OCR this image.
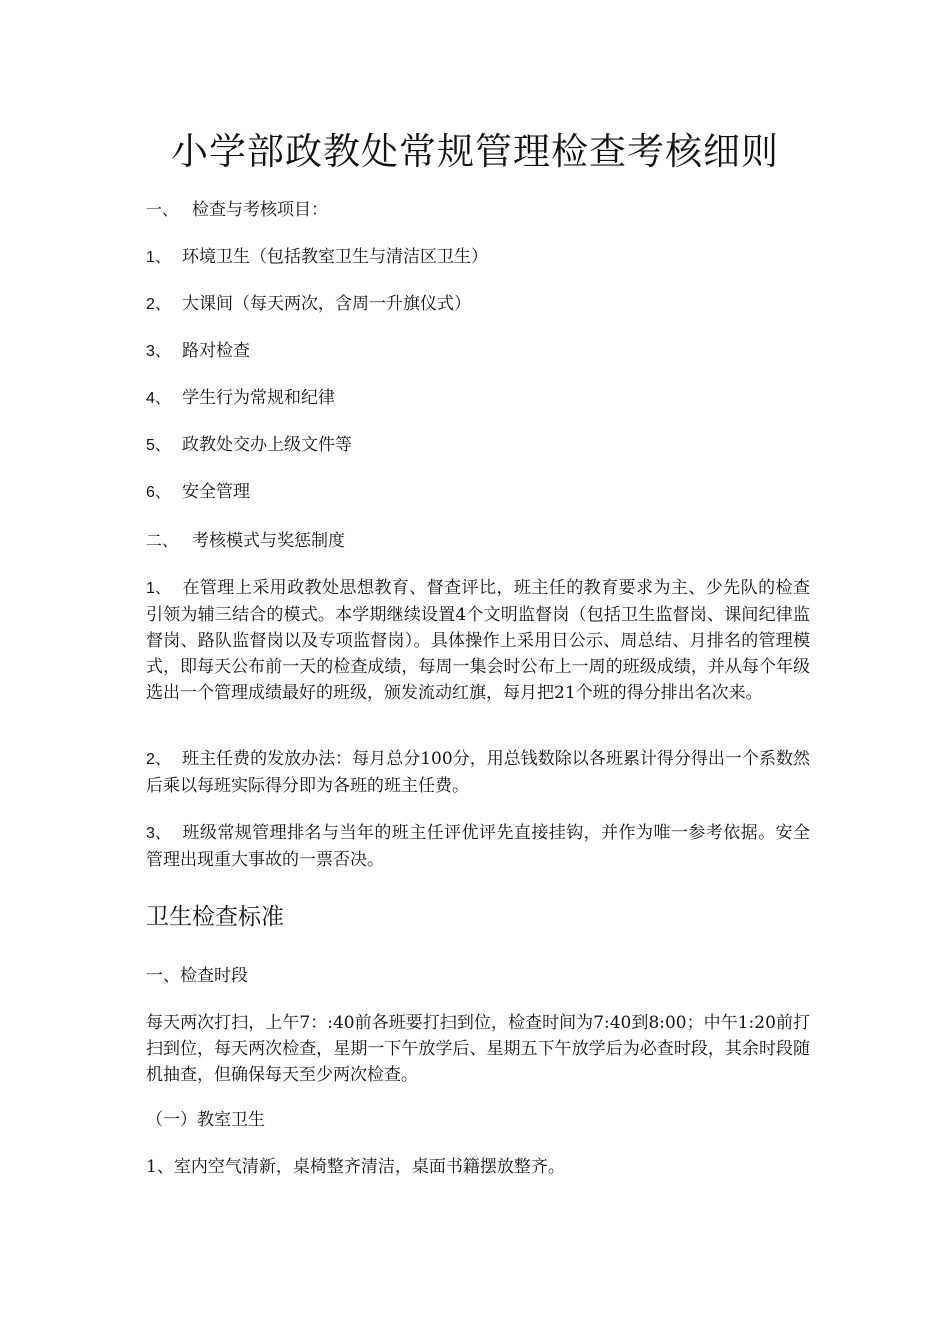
小学部政教处常规管理检查考核细则

一、 检查与考核项目：

1、 环境卫生（包括教室卫生与清洁区卫生）

2、 大课间（每天两次，含周一升旗仪式）

3、 路对检查

4、 学生行为常规和纪律

5、 政教处交办上级文件等

6、 安全管理

二、 考核模式与奖惩制度

1、 在管理上采用政教处思想教育、督查评比，班主任的教育要求为主、少先队的检查引领为辅三结合的模式。本学期继续设置4个文明监督岗（包括卫生监督岗、课间纪律监督岗、路队监督岗以及专项监督岗）。具体操作上采用日公示、周总结、月排名的管理模式，即每天公布前一天的检查成绩，每周一集会时公布上一周的班级成绩，并从每个年级选出一个管理成绩最好的班级，颁发流动红旗，每月把21个班的得分排出名次来。

2、 班主任费的发放办法：每月总分100分，用总钱数除以各班累计得分得出一个系数然后乘以每班实际得分即为各班的班主任费。

3、 班级常规管理排名与当年的班主任评优评先直接挂钩，并作为唯一参考依据。安全管理出现重大事故的一票否决。

卫生检查标准

一、检查时段

每天两次打扫，上午7：:40前各班要打扫到位，检查时间为7:40到8:00；中午1:20前打扫到位，每天两次检查，星期一下午放学后、星期五下午放学后为必查时段，其余时段随机抽查，但确保每天至少两次检查。

（一）教室卫生

1、室内空气清新，桌椅整齐清洁，桌面书籍摆放整齐。
